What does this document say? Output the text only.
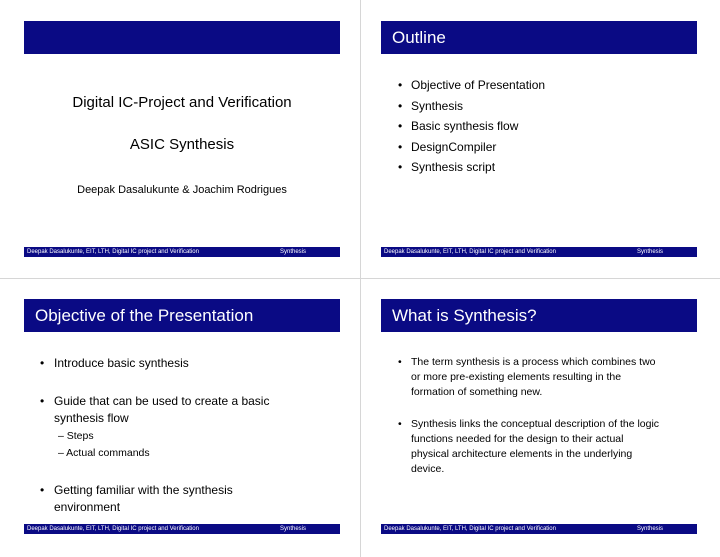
Digital IC-Project and Verification
ASIC Synthesis
Deepak Dasalukunte & Joachim Rodrigues
Deepak Dasalukunte, EIT, LTH, Digital IC project and Verification	Synthesis
Outline
• Objective of Presentation
• Synthesis
• Basic synthesis flow
• DesignCompiler
• Synthesis script
Deepak Dasalukunte, EIT, LTH, Digital IC project and Verification	Synthesis
Objective of the Presentation
• Introduce basic synthesis
• Guide that can be used to create a basic
synthesis flow
– Steps
– Actual commands
• Getting familiar with the synthesis
environment
Deepak Dasalukunte, EIT, LTH, Digital IC project and Verification	Synthesis
What is Synthesis?
• The term synthesis is a process which combines two
or more pre-existing elements resulting in the
formation of something new.
• Synthesis links the conceptual description of the logic
functions needed for the design to their actual
physical architecture elements in the underlying
device.
Deepak Dasalukunte, EIT, LTH, Digital IC project and Verification	Synthesis
